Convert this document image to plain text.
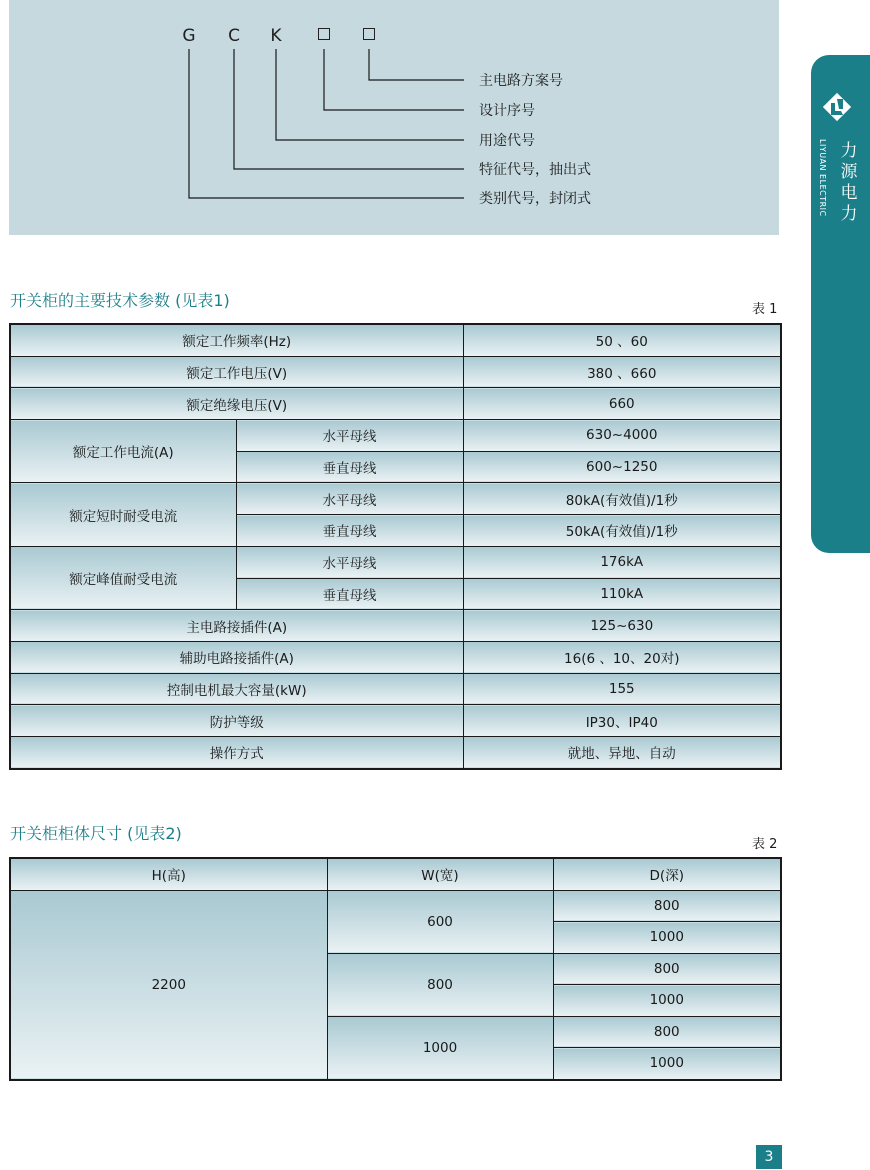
G C K
主电路方案号
设计序号
用途代号
特征代号，抽出式
类别代号，封闭式	LIYUAN ELECTRIC 力
源
电
力
开关柜的主要技术参数 (见表1)	表 1
额定工作频率(Hz)		50 、60
额定工作电压(V)		380 、660
额定绝缘电压(V)		660
额定工作电流(A)	水平母线	630~4000
	垂直母线	600~1250
额定短时耐受电流	水平母线	80kA(有效值)/1秒
	垂直母线	50kA(有效值)/1秒
额定峰值耐受电流	水平母线	176kA
	垂直母线	110kA
主电路接插件(A)		125~630
辅助电路接插件(A)		16(6 、10、20对)
控制电机最大容量(kW)		155
防护等级		IP30、IP40
操作方式		就地、异地、自动
开关柜柜体尺寸 (见表2)
表 2
H(高)	W(宽)	D(深)
2200	600	800
		1000
	800	800
		1000
	1000	800
		1000
3
